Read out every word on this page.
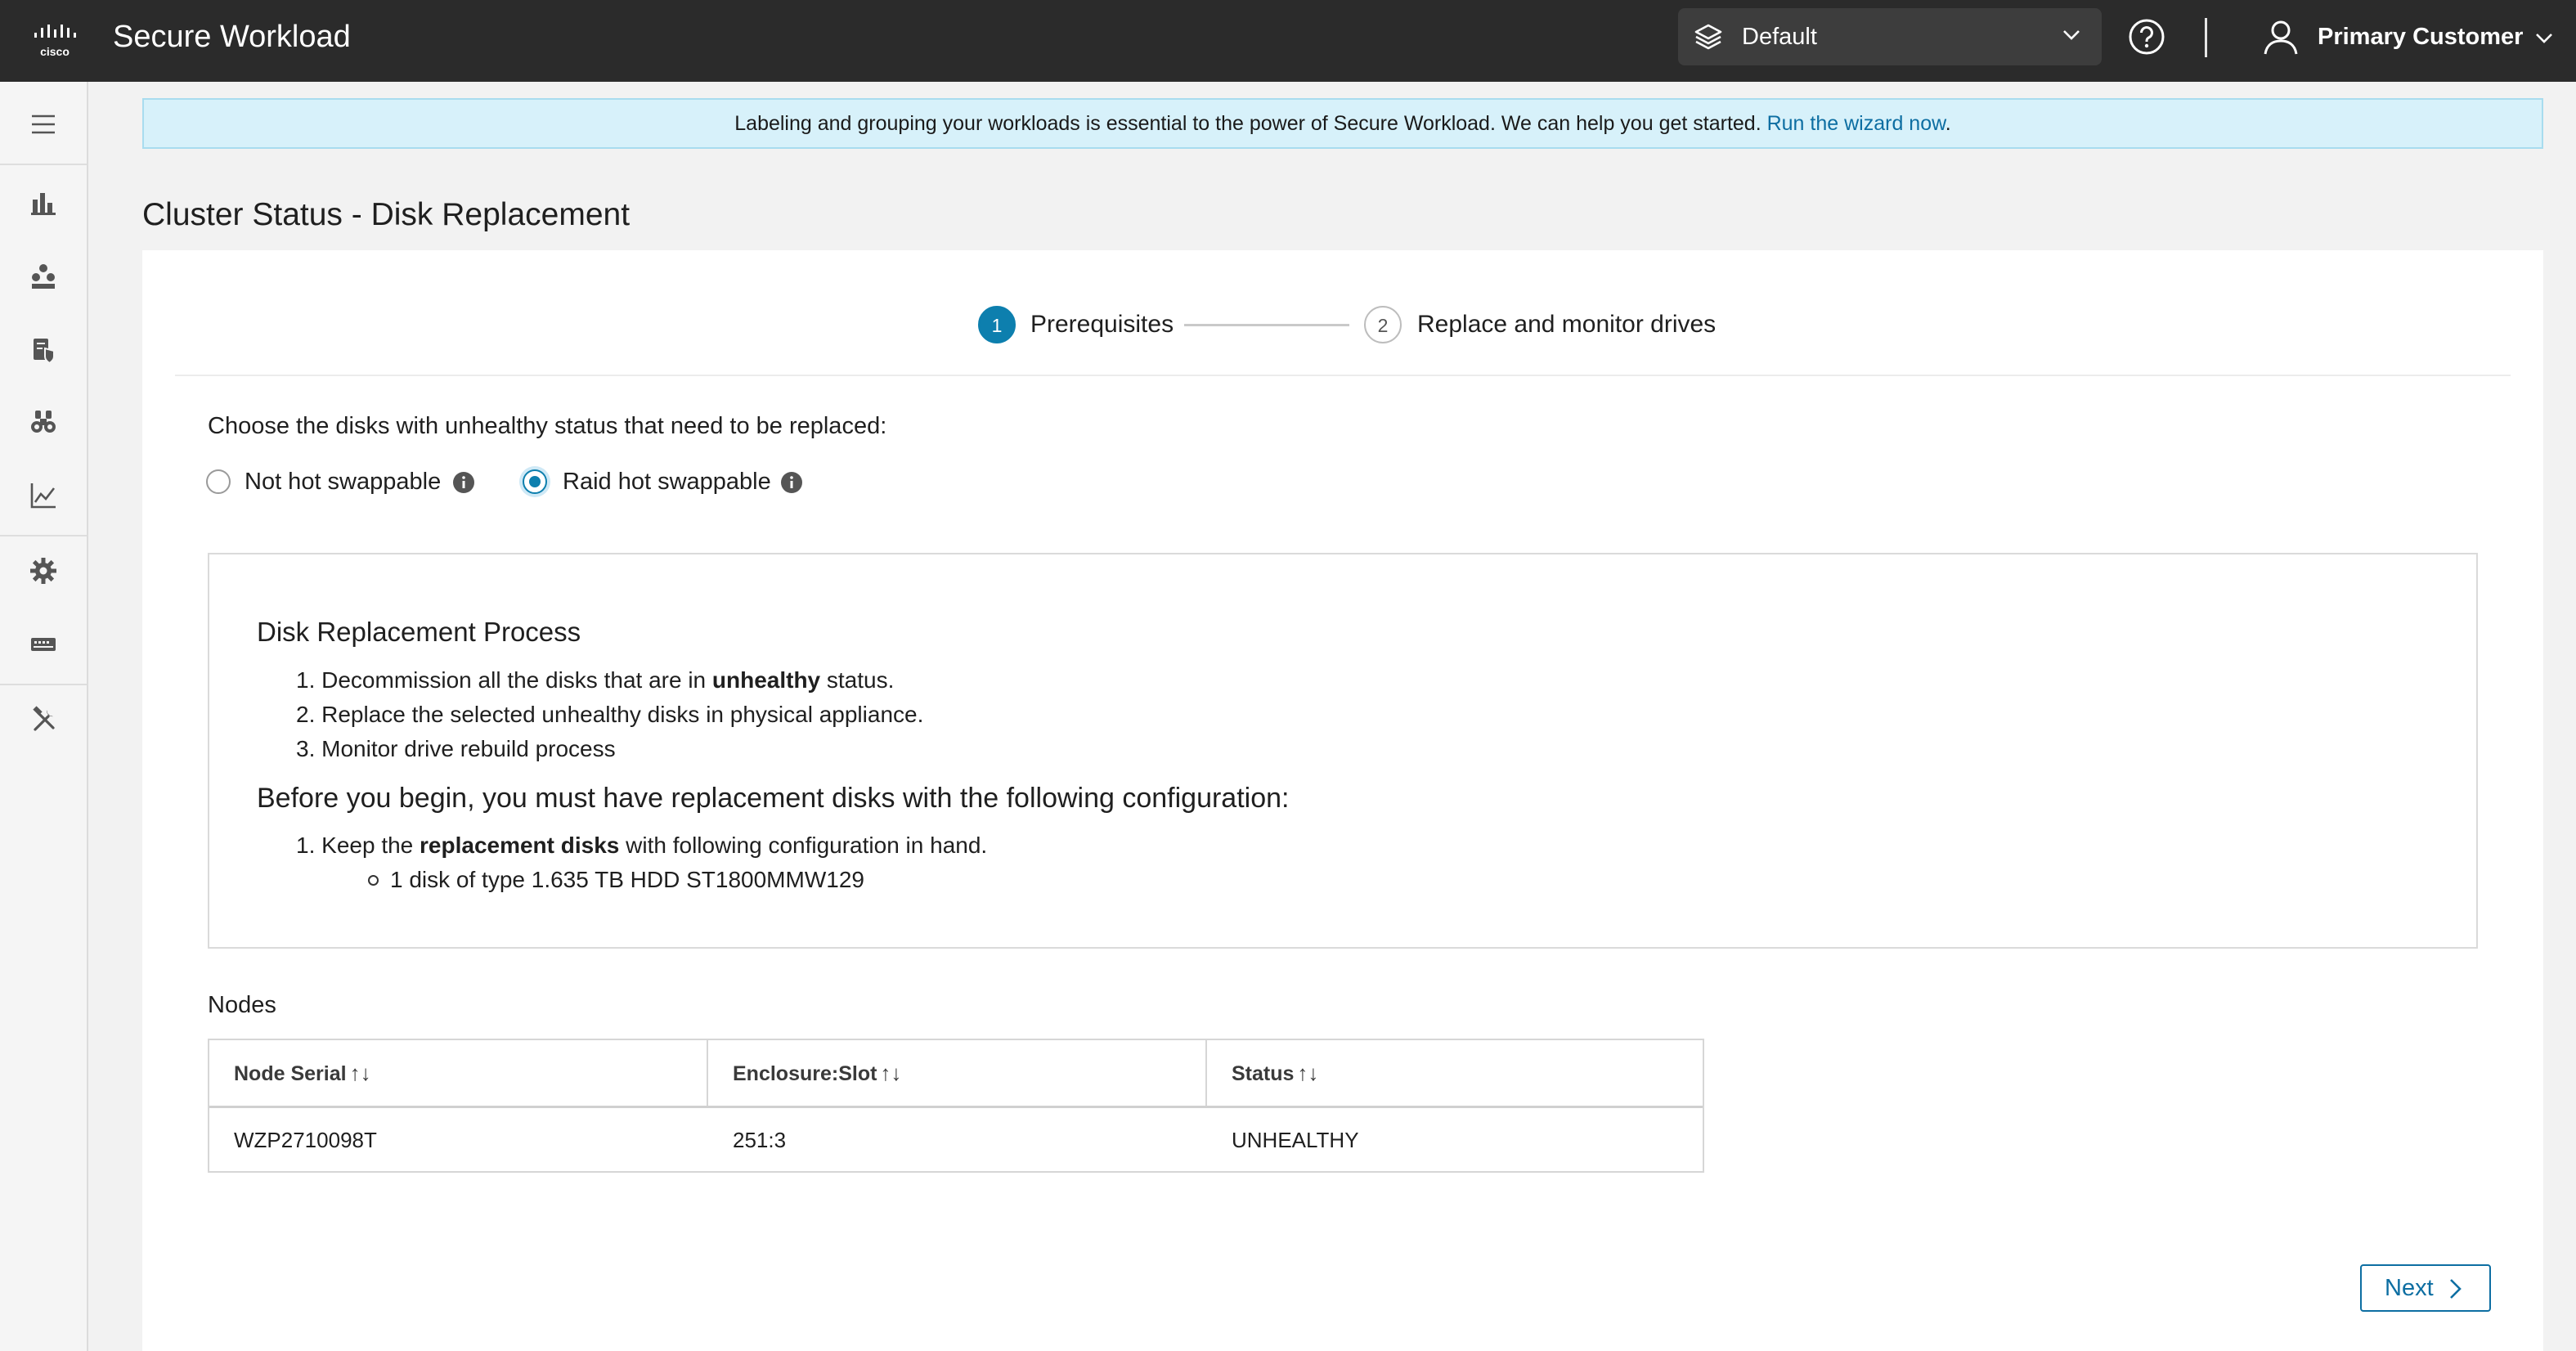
cisco Secure Workload	Default	Primary Customer
Labeling and grouping your workloads is essential to the power of Secure Workload. We can help you get started. Run the wizard now.
Cluster Status - Disk Replacement
1	Prerequisites	2	Replace and monitor drives
Choose the disks with unhealthy status that need to be replaced:
Not hot swappable	Raid hot swappable
Disk Replacement Process
1. Decommission all the disks that are in unhealthy status.
2. Replace the selected unhealthy disks in physical appliance.
3. Monitor drive rebuild process
Before you begin, you must have replacement disks with the following configuration:
1. Keep the replacement disks with following configuration in hand.
1 disk of type 1.635 TB HDD ST1800MMW129
Nodes
Node Serial ↑↓	Enclosure:Slot ↑↓	Status ↑↓
WZP2710098T	251:3	UNHEALTHY
Next
